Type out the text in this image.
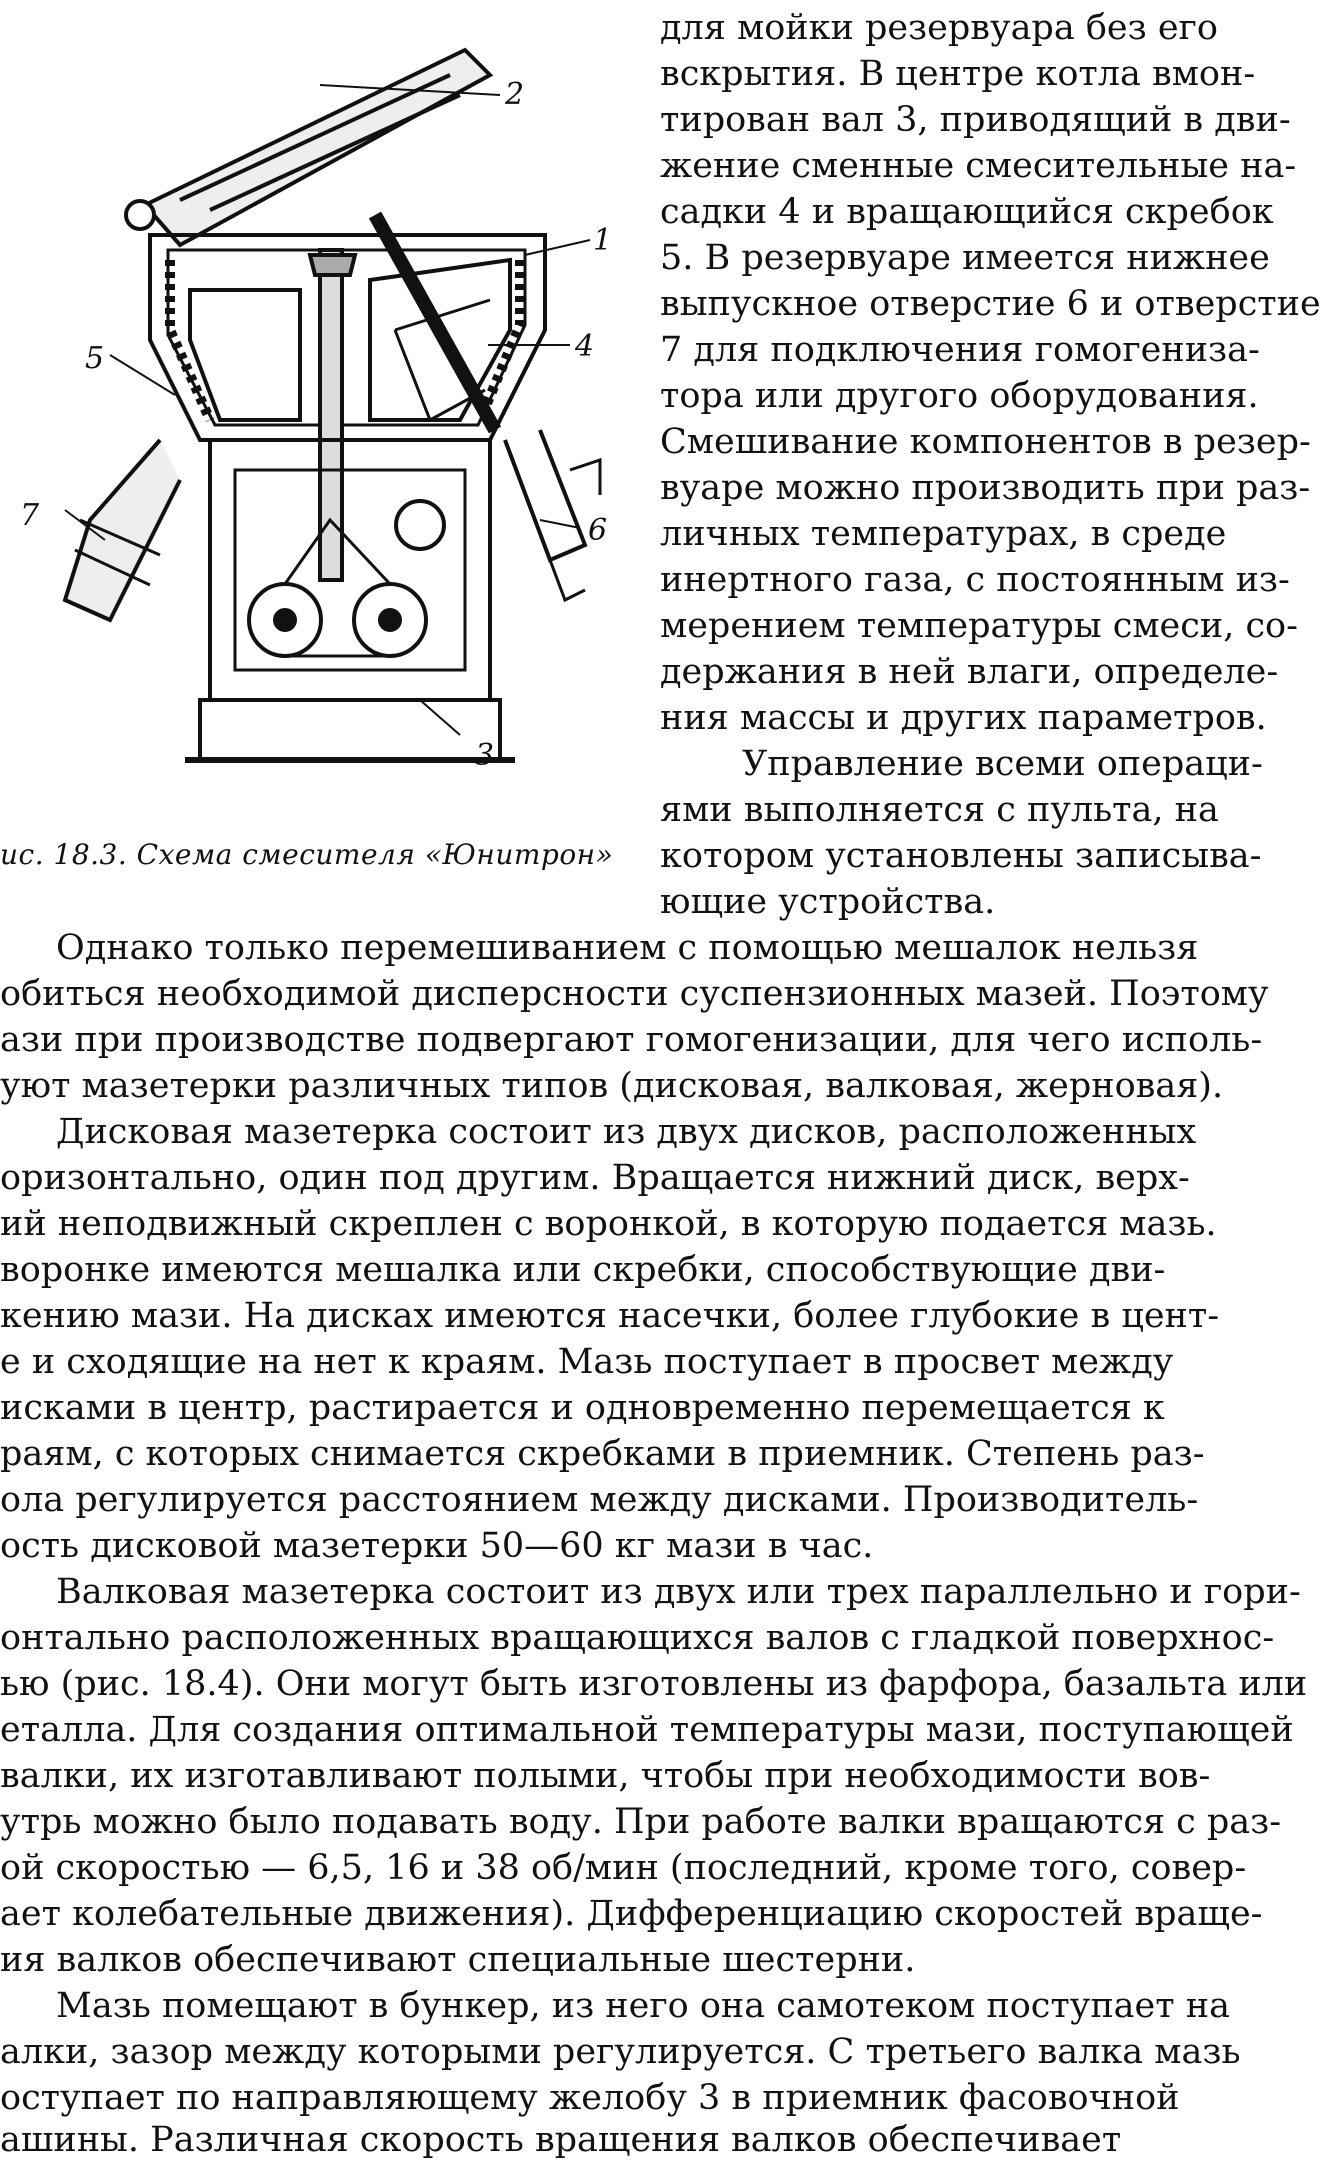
2
1
4
5
7	6
3
ис. 18.3. Схема смесителя «Юнитрон»

для мойки резервуара без его

вскрытия. В центре котла вмон-

тирован вал 3, приводящий в дви-

жение сменные смесительные на-

садки 4 и вращающийся скребок

5. В резервуаре имеется нижнее

выпускное отверстие 6 и отверстие

7 для подключения гомогениза-

тора или другого оборудования.

Смешивание компонентов в резер-

вуаре можно производить при раз-

личных температурах, в среде

инертного газа, с постоянным из-

мерением температуры смеси, со-

держания в ней влаги, определе-

ния массы и других параметров.

Управление всеми операци-

ями выполняется с пульта, на

котором установлены записыва-

ющие устройства.

Однако только перемешиванием с помощью мешалок нельзя

обиться необходимой дисперсности суспензионных мазей. Поэтому

ази при производстве подвергают гомогенизации, для чего исполь-

уют мазетерки различных типов (дисковая, валковая, жерновая).

Дисковая мазетерка состоит из двух дисков, расположенных

оризонтально, один под другим. Вращается нижний диск, верх-

ий неподвижный скреплен с воронкой, в которую подается мазь.

воронке имеются мешалка или скребки, способствующие дви-

кению мази. На дисках имеются насечки, более глубокие в цент-

е и сходящие на нет к краям. Мазь поступает в просвет между

исками в центр, растирается и одновременно перемещается к

раям, с которых снимается скребками в приемник. Степень раз-

ола регулируется расстоянием между дисками. Производитель-

ость дисковой мазетерки 50—60 кг мази в час.

Валковая мазетерка состоит из двух или трех параллельно и гори-

онтально расположенных вращающихся валов с гладкой поверхнос-

ью (рис. 18.4). Они могут быть изготовлены из фарфора, базальта или

еталла. Для создания оптимальной температуры мази, поступающей

валки, их изготавливают полыми, чтобы при необходимости вов-

утрь можно было подавать воду. При работе валки вращаются с раз-

ой скоростью — 6,5, 16 и 38 об/мин (последний, кроме того, совер-

ает колебательные движения). Дифференциацию скоростей враще-

ия валков обеспечивают специальные шестерни.

Мазь помещают в бункер, из него она самотеком поступает на

алки, зазор между которыми регулируется. С третьего валка мазь

оступает по направляющему желобу 3 в приемник фасовочной

ашины. Различная скорость вращения валков обеспечивает
